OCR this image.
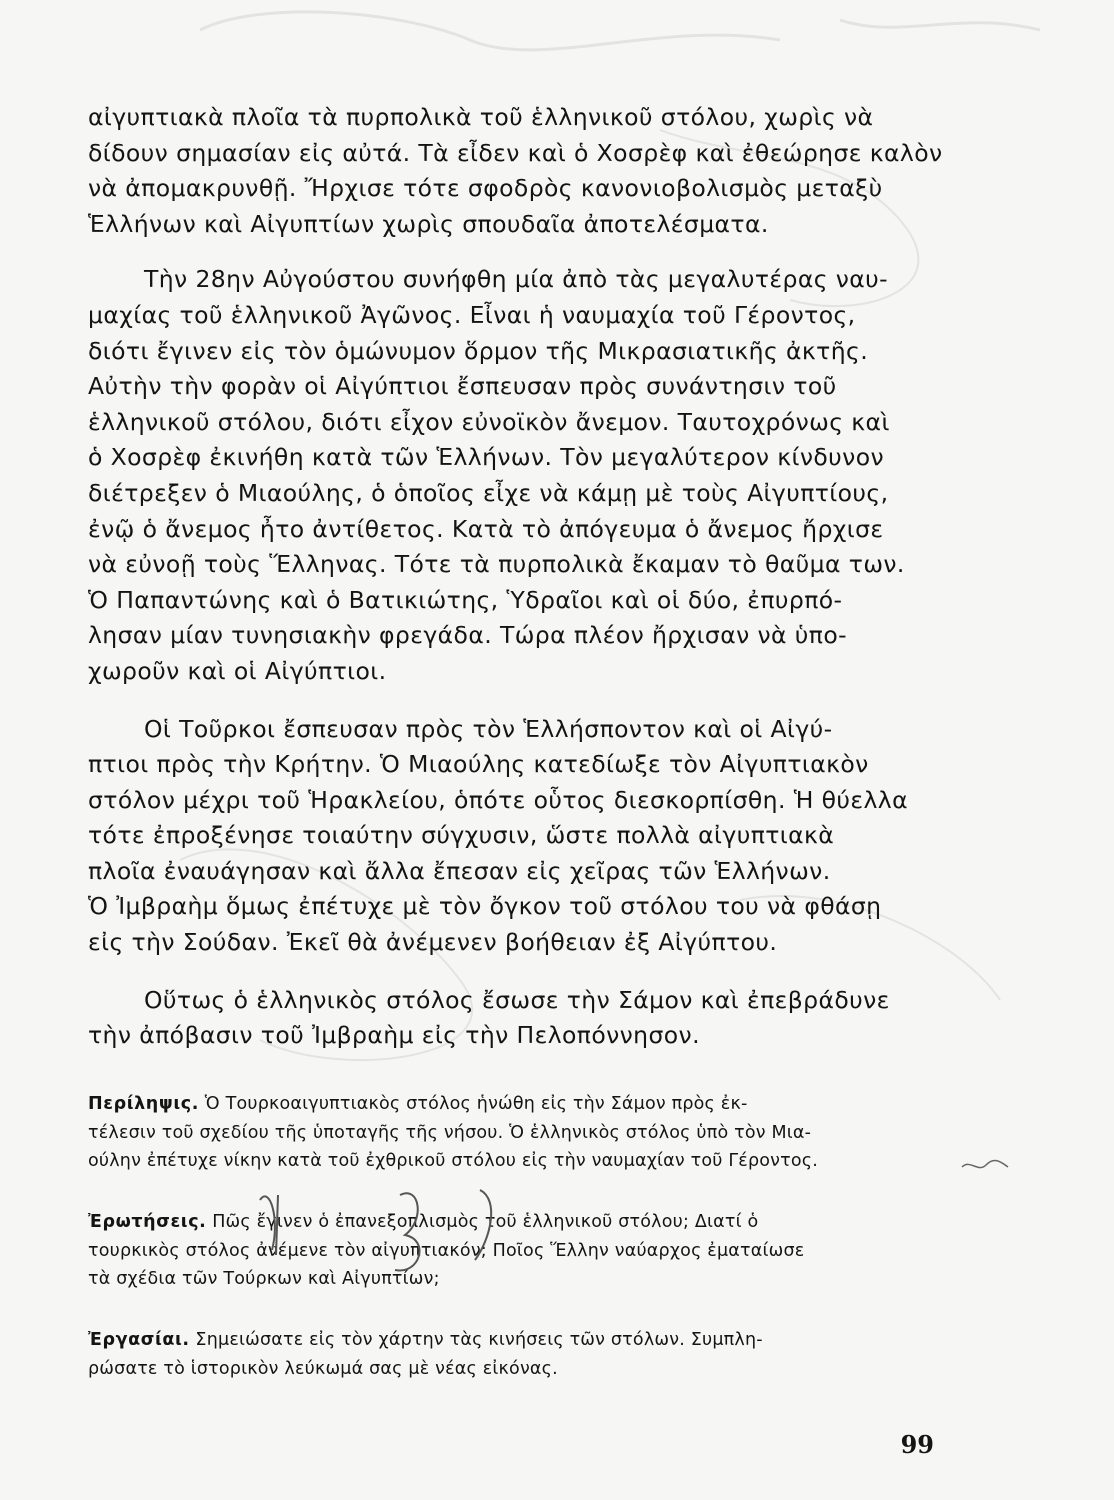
αἰγυπτιακὰ πλοῖα τὰ πυρπολικὰ τοῦ ἑλληνικοῦ στόλου, χωρὶς νὰ
δίδουν σημασίαν εἰς αὐτά. Τὰ εἶδεν καὶ ὁ Χοσρὲφ καὶ ἐθεώρησε καλὸν
νὰ ἀπομακρυνθῇ. Ἤρχισε τότε σφοδρὸς κανονιοβολισμὸς μεταξὺ
Ἑλλήνων καὶ Αἰγυπτίων χωρὶς σπουδαῖα ἀποτελέσματα.

Τὴν 28ην Αὐγούστου συνήφθη μία ἀπὸ τὰς μεγαλυτέρας ναυ-
μαχίας τοῦ ἑλληνικοῦ Ἀγῶνος. Εἶναι ἡ ναυμαχία τοῦ Γέροντος,
διότι ἔγινεν εἰς τὸν ὁμώνυμον ὅρμον τῆς Μικρασιατικῆς ἀκτῆς.
Αὐτὴν τὴν φορὰν οἱ Αἰγύπτιοι ἔσπευσαν πρὸς συνάντησιν τοῦ
ἑλληνικοῦ στόλου, διότι εἶχον εὐνοϊκὸν ἄνεμον. Ταυτοχρόνως καὶ
ὁ Χοσρὲφ ἐκινήθη κατὰ τῶν Ἑλλήνων. Τὸν μεγαλύτερον κίνδυνον
διέτρεξεν ὁ Μιαούλης, ὁ ὁποῖος εἶχε νὰ κάμῃ μὲ τοὺς Αἰγυπτίους,
ἐνῷ ὁ ἄνεμος ἦτο ἀντίθετος. Κατὰ τὸ ἀπόγευμα ὁ ἄνεμος ἤρχισε
νὰ εὐνοῇ τοὺς Ἕλληνας. Τότε τὰ πυρπολικὰ ἔκαμαν τὸ θαῦμα των.
Ὁ Παπαντώνης καὶ ὁ Βατικιώτης, Ὑδραῖοι καὶ οἱ δύο, ἐπυρπό-
λησαν μίαν τυνησιακὴν φρεγάδα. Τώρα πλέον ἤρχισαν νὰ ὑπο-
χωροῦν καὶ οἱ Αἰγύπτιοι.

Οἱ Τοῦρκοι ἔσπευσαν πρὸς τὸν Ἑλλήσποντον καὶ οἱ Αἰγύ-
πτιοι πρὸς τὴν Κρήτην. Ὁ Μιαούλης κατεδίωξε τὸν Αἰγυπτιακὸν
στόλον μέχρι τοῦ Ἡρακλείου, ὁπότε οὗτος διεσκορπίσθη. Ἡ θύελλα
τότε ἐπροξένησε τοιαύτην σύγχυσιν, ὥστε πολλὰ αἰγυπτιακὰ
πλοῖα ἐναυάγησαν καὶ ἄλλα ἔπεσαν εἰς χεῖρας τῶν Ἑλλήνων.
Ὁ Ἰμβραὴμ ὅμως ἐπέτυχε μὲ τὸν ὄγκον τοῦ στόλου του νὰ φθάσῃ
εἰς τὴν Σούδαν. Ἐκεῖ θὰ ἀνέμενεν βοήθειαν ἐξ Αἰγύπτου.

Οὕτως ὁ ἑλληνικὸς στόλος ἔσωσε τὴν Σάμον καὶ ἐπεβράδυνε
τὴν ἀπόβασιν τοῦ Ἰμβραὴμ εἰς τὴν Πελοπόννησον.

Περίληψις. Ὁ Τουρκοαιγυπτιακὸς στόλος ἡνώθη εἰς τὴν Σάμον πρὸς ἐκ-
τέλεσιν τοῦ σχεδίου τῆς ὑποταγῆς τῆς νήσου. Ὁ ἑλληνικὸς στόλος ὑπὸ τὸν Μια-
ούλην ἐπέτυχε νίκην κατὰ τοῦ ἐχθρικοῦ στόλου εἰς τὴν ναυμαχίαν τοῦ Γέροντος.
Ἐρωτήσεις. Πῶς ἔγινεν ὁ ἐπανεξοπλισμὸς τοῦ ἑλληνικοῦ στόλου; Διατί ὁ
τουρκικὸς στόλος ἀνέμενε τὸν αἰγυπτιακόν; Ποῖος Ἕλλην ναύαρχος ἐματαίωσε
τὰ σχέδια τῶν Τούρκων καὶ Αἰγυπτίων;
Ἐργασίαι. Σημειώσατε εἰς τὸν χάρτην τὰς κινήσεις τῶν στόλων. Συμπλη-
ρώσατε τὸ ἱστορικὸν λεύκωμά σας μὲ νέας εἰκόνας.
99
